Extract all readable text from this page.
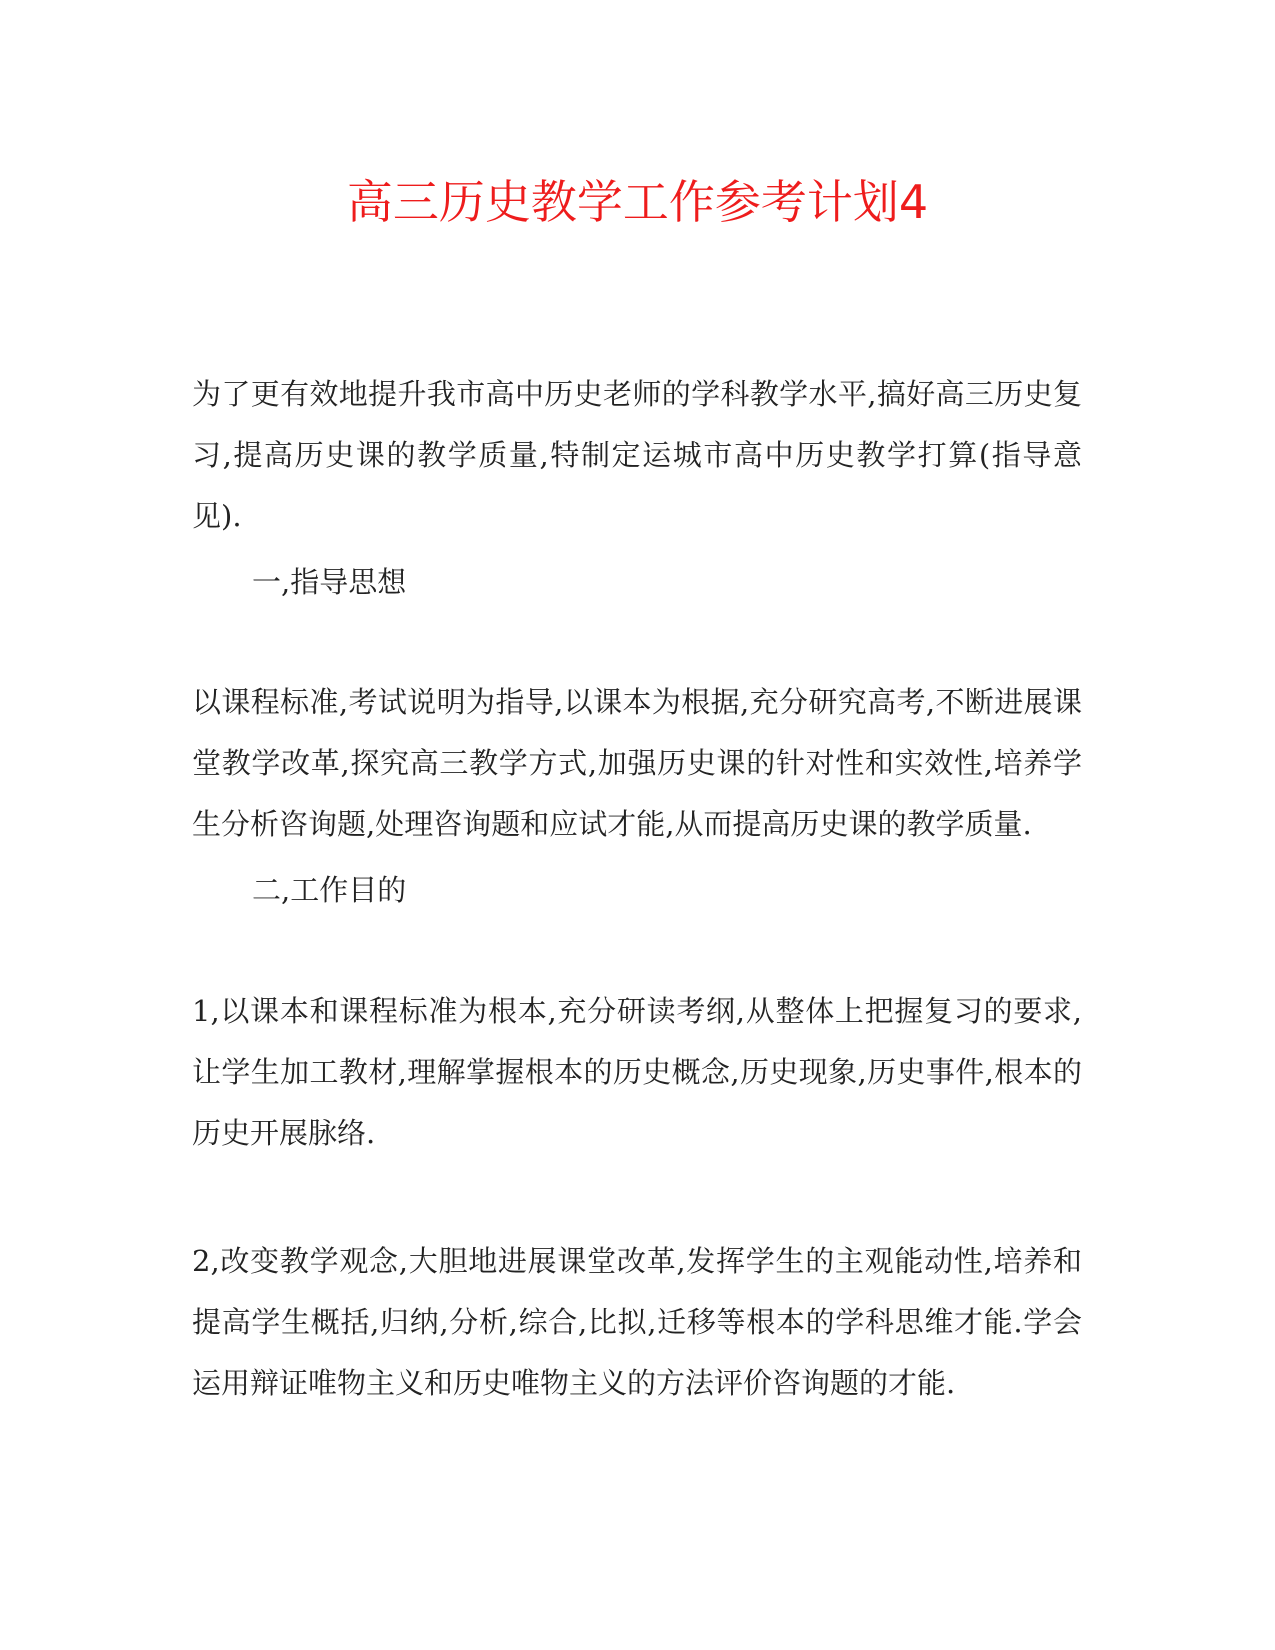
高三历史教学工作参考计划4

为了更有效地提升我市高中历史老师的学科教学水平,搞好高三历史复习,提高历史课的教学质量,特制定运城市高中历史教学打算(指导意见).

一,指导思想

以课程标准,考试说明为指导,以课本为根据,充分研究高考,不断进展课堂教学改革,探究高三教学方式,加强历史课的针对性和实效性,培养学生分析咨询题,处理咨询题和应试才能,从而提高历史课的教学质量.

二,工作目的

1,以课本和课程标准为根本,充分研读考纲,从整体上把握复习的要求,让学生加工教材,理解掌握根本的历史概念,历史现象,历史事件,根本的历史开展脉络.

2,改变教学观念,大胆地进展课堂改革,发挥学生的主观能动性,培养和提高学生概括,归纳,分析,综合,比拟,迁移等根本的学科思维才能.学会运用辩证唯物主义和历史唯物主义的方法评价咨询题的才能.
